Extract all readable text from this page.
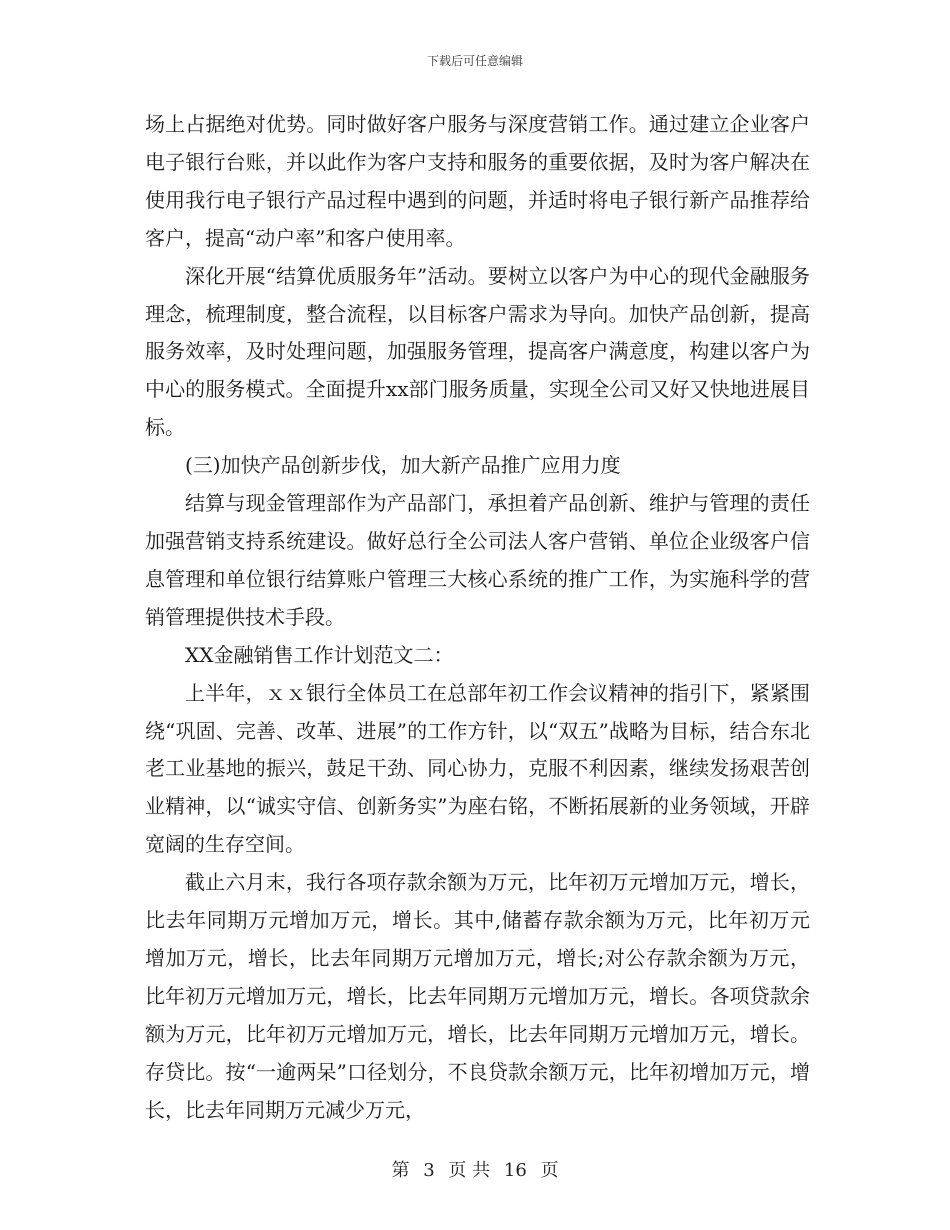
下载后可任意编辑

场上占据绝对优势。同时做好客户服务与深度营销工作。通过建立企业客户电子银行台账，并以此作为客户支持和服务的重要依据，及时为客户解决在使用我行电子银行产品过程中遇到的问题，并适时将电子银行新产品推荐给客户，提高“动户率”和客户使用率。

深化开展“结算优质服务年”活动。要树立以客户为中心的现代金融服务理念，梳理制度，整合流程，以目标客户需求为导向。加快产品创新，提高服务效率，及时处理问题，加强服务管理，提高客户满意度，构建以客户为中心的服务模式。全面提升xx部门服务质量，实现全公司又好又快地进展目标。

(三)加快产品创新步伐，加大新产品推广应用力度

结算与现金管理部作为产品部门，承担着产品创新、维护与管理的责任加强营销支持系统建设。做好总行全公司法人客户营销、单位企业级客户信息管理和单位银行结算账户管理三大核心系统的推广工作，为实施科学的营销管理提供技术手段。

XX金融销售工作计划范文二：

上半年，ｘｘ银行全体员工在总部年初工作会议精神的指引下，紧紧围绕“巩固、完善、改革、进展”的工作方针，以“双五”战略为目标，结合东北老工业基地的振兴，鼓足干劲、同心协力，克服不利因素，继续发扬艰苦创业精神，以“诚实守信、创新务实”为座右铭，不断拓展新的业务领域，开辟宽阔的生存空间。

截止六月末，我行各项存款余额为万元，比年初万元增加万元，增长，比去年同期万元增加万元，增长。其中,储蓄存款余额为万元，比年初万元增加万元，增长，比去年同期万元增加万元，增长;对公存款余额为万元，比年初万元增加万元，增长，比去年同期万元增加万元，增长。各项贷款余额为万元，比年初万元增加万元，增长，比去年同期万元增加万元，增长。存贷比。按“一逾两呆”口径划分，不良贷款余额万元，比年初增加万元，增长，比去年同期万元减少万元，

第 3 页 共 16 页
